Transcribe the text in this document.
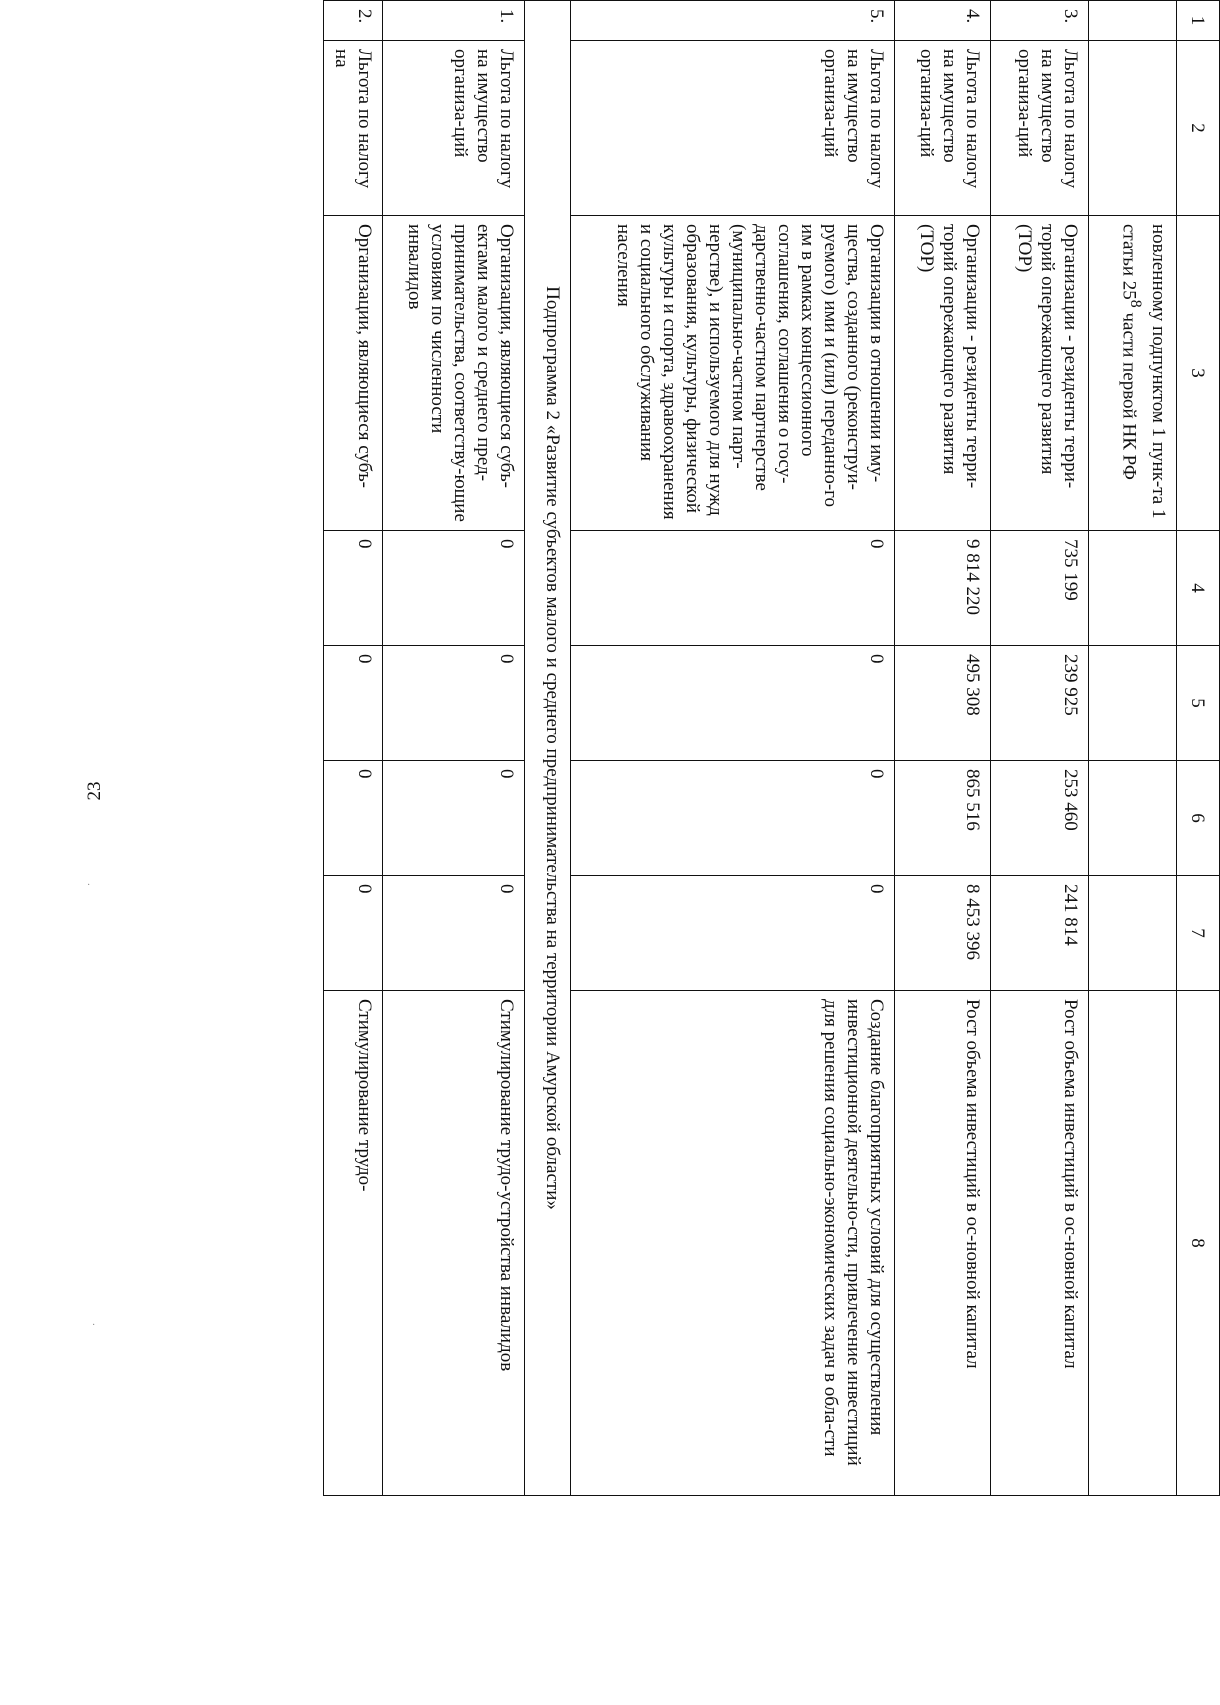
23
·
·
1	2	3	4	5	6	7	8
		новленному подпунктом 1 пунк-та 1 статьи $25^8$ части первой НК РФ					
3.	Льгота по налогу на имущество организа-ций	Организации - резиденты терри-торий опережающего развития (ТОР)	735 199	239 925	253 460	241 814	Рост объема инвестиций в ос-новной капитал
4.	Льгота по налогу на имущество организа-ций	Организации - резиденты терри-торий опережающего развития (ТОР)	9 814 220	495 308	865 516	8 453 396	Рост объема инвестиций в ос-новной капитал
5.	Льгота по налогу на имущество организа-ций	Организации в отношении иму-щества, созданного (реконструи-руемого) ими и (или) переданно-го им в рамках концессионного соглашения, соглашения о госу-дарственно-частном партнерстве (муниципально-частном парт-нерстве), и используемого для нужд образования, культуры, физической культуры и спорта, здравоохранения и социального обслуживания населения	0	0	0	0	Создание благоприятных условий для осуществления инвестиционной деятельно-сти, привлечение инвестиций для решения социально-экономических задач в обла-сти
Подпрограмма 2 «Развитие субъектов малого и среднего предпринимательства на территории Амурской области»							
1.	Льгота по налогу на имущество организа-ций	Организации, являющиеся субъ-ектами малого и среднего пред-принимательства, соответству-ющие условиям по численности инвалидов	0	0	0	0	Стимулирование трудо-устройства инвалидов
2.	Льгота по налогу на	Организации, являющиеся субъ-	0	0	0	0	Стимулирование трудо-
